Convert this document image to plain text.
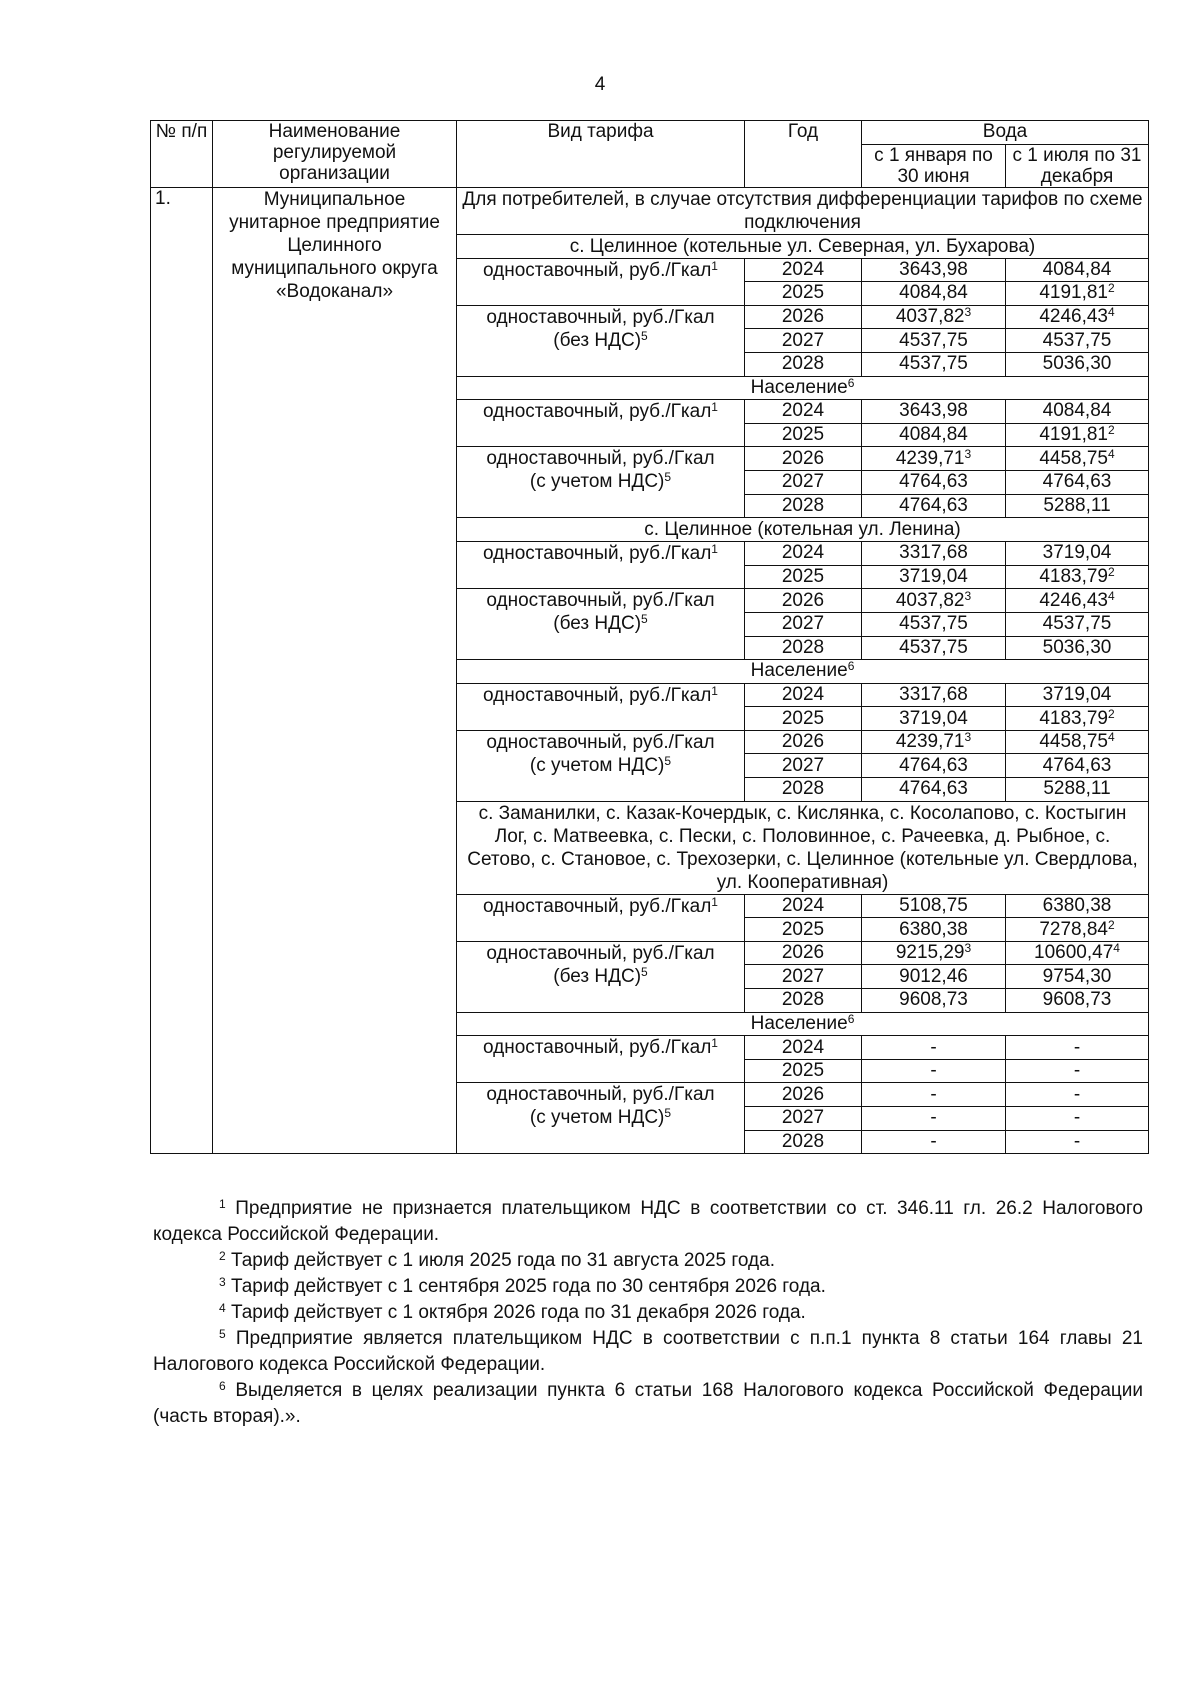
4
№ п/п	Наименование регулируемой организации	Вид тарифа	Год	Вода	
				с 1 января по 30 июня	с 1 июля по 31 декабря
1.	Муниципальное унитарное предприятие Целинного муниципального округа «Водоканал»	Для потребителей, в случае отсутствия дифференциации тарифов по схеме подключения			
		с. Целинное (котельные ул. Северная, ул. Бухарова)			
		одноставочный, руб./Гкал$^1$	2024	3643,98	4084,84
			2025	4084,84	4191,81$^2$
		одноставочный, руб./Гкал
(без НДС)$^5$	2026	4037,82$^3$	4246,43$^4$
			2027	4537,75	4537,75
			2028	4537,75	5036,30
		Население$^6$
		одноставочный, руб./Гкал$^1$	2024	3643,98	4084,84
			2025	4084,84	4191,81$^2$
		одноставочный, руб./Гкал
(с учетом НДС)$^5$	2026	4239,71$^3$	4458,75$^4$
			2027	4764,63	4764,63
			2028	4764,63	5288,11
		с. Целинное (котельная ул. Ленина)			
		одноставочный, руб./Гкал$^1$	2024	3317,68	3719,04
			2025	3719,04	4183,79$^2$
		одноставочный, руб./Гкал
(без НДС)$^5$	2026	4037,82$^3$	4246,43$^4$
			2027	4537,75	4537,75
			2028	4537,75	5036,30
		Население$^6$
		одноставочный, руб./Гкал$^1$	2024	3317,68	3719,04
			2025	3719,04	4183,79$^2$
		одноставочный, руб./Гкал
(с учетом НДС)$^5$	2026	4239,71$^3$	4458,75$^4$
			2027	4764,63	4764,63
			2028	4764,63	5288,11
		с. Заманилки, с. Казак-Кочердык, с. Кислянка, с. Косолапово, с. Костыгин Лог, с. Матвеевка, с. Пески, с. Половинное, с. Рачеевка, д. Рыбное, с. Сетово, с. Становое, с. Трехозерки, с. Целинное (котельные ул. Свердлова, ул. Кооперативная)			
		одноставочный, руб./Гкал$^1$	2024	5108,75	6380,38
			2025	6380,38	7278,84$^2$
		одноставочный, руб./Гкал
(без НДС)$^5$	2026	9215,29$^3$	10600,47$^4$
			2027	9012,46	9754,30
			2028	9608,73	9608,73
		Население$^6$
		одноставочный, руб./Гкал$^1$	2024	-	-
			2025	-	-
		одноставочный, руб./Гкал
(с учетом НДС)$^5$	2026	-	-
			2027	-	-
			2028	-	-
$^1$ Предприятие не признается плательщиком НДС в соответствии со ст. 346.11 гл. 26.2 Налогового кодекса Российской Федерации.
$^2$ Тариф действует с 1 июля 2025 года по 31 августа 2025 года.
$^3$ Тариф действует с 1 сентября 2025 года по 30 сентября 2026 года.
$^4$ Тариф действует с 1 октября 2026 года по 31 декабря 2026 года.
$^5$ Предприятие является плательщиком НДС в соответствии с п.п.1 пункта 8 статьи 164 главы 21 Налогового кодекса Российской Федерации.
$^6$ Выделяется в целях реализации пункта 6 статьи 168 Налогового кодекса Российской Федерации (часть вторая).».
